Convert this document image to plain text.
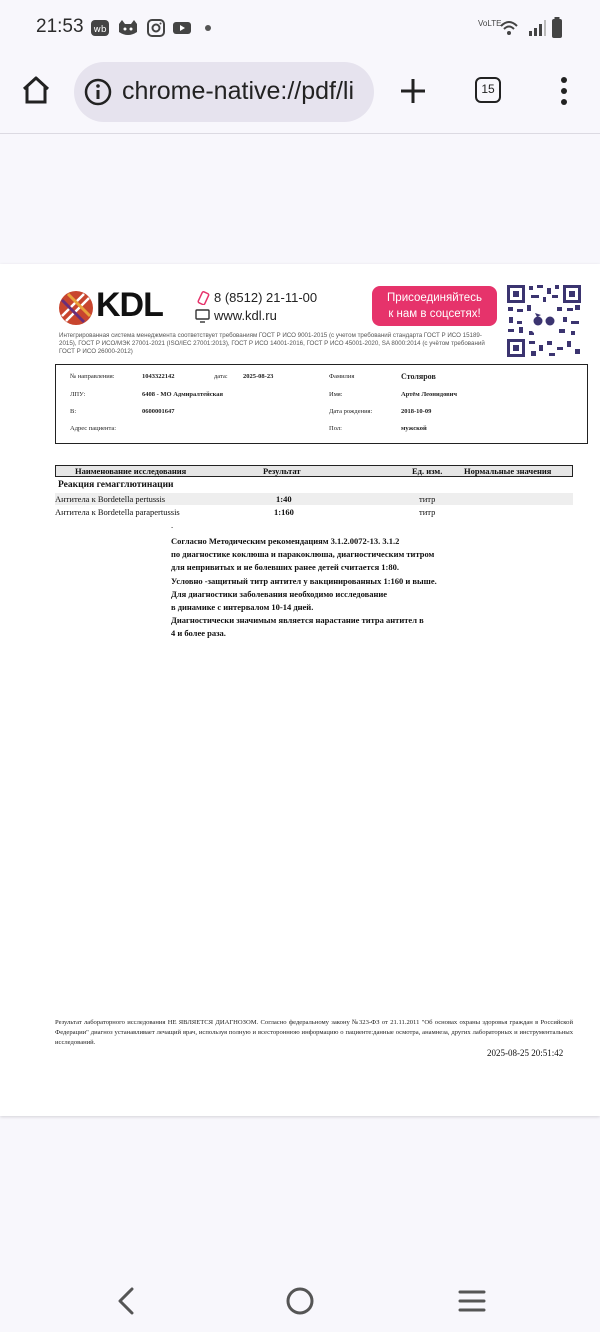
21:53 wb
VoLTE
15
chrome-native://pdf/li
KDL	8 (8512) 21-11-00
www.kdl.ru
Присоединяйтесь
к нам в соцсетях!
Интегрированная система менеджмента соответствует требованиям ГОСТ Р ИСО 9001-2015 (с учетом требований стандарта ГОСТ Р ИСО 15189-2015), ГОСТ Р ИСО/МЭК 27001-2021 (ISO/IEC 27001:2013), ГОСТ Р ИСО 14001-2016, ГОСТ Р ИСО 45001-2020, SA 8000:2014 (с учётом требований ГОСТ Р ИСО 26000-2012)
№ направления:	1043322142	дата: 2025-08-23	Фамилия	Столяров
ЛПУ:	6408 - МО Адмиралтейская	Имя:	Артём Леонидович
В:	0600001647	Дата рождения:	2018-10-09
Адрес пациента:	Пол:	мужской
Наименование исследования	Результат	Ед. изм.	Нормальные значения
Реакция гемагглютинации
Антитела к Bordetella pertussis	1:40	титр
Антитела к Bordetella parapertussis	1:160	титр
.
Согласно Методическим рекомендациям 3.1.2.0072-13. 3.1.2
по диагностике коклюша и паракоклюша, диагностическим титром
для непривитых и не болевших ранее детей считается 1:80.
Условно -защитный титр антител у вакцинированных 1:160 и выше.
Для диагностики заболевания необходимо исследование
в динамике с интервалом 10-14 дней.
Диагностически значимым является нарастание титра антител в
4 и более раза.
Результат лабораторного исследования НЕ ЯВЛЯЕТСЯ ДИАГНОЗОМ. Согласно федеральному закону №323-ФЗ от 21.11.2011 "Об основах охраны здоровья граждан в Российской Федерации" диагноз устанавливает лечащий врач, используя полную и всестороннюю информацию о пациенте:данные осмотра, анамнеза, других лабораторных и инструментальных исследований.
2025-08-25 20:51:42
